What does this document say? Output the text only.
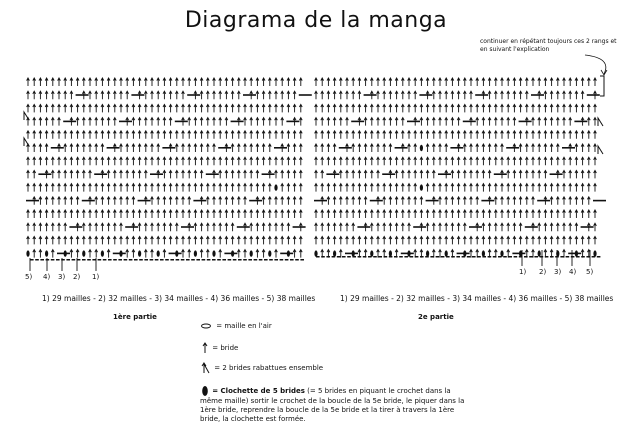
Diagrama de la manga
continuer en répétant toujours ces 2 rangs et en suivant l'explication
5) 4) 3) 2) 1)
1) 2) 3) 4) 5)
1) 29 mailles - 2) 32 mailles - 3) 34 mailles - 4) 36 mailles - 5) 38 mailles	1) 29 mailles - 2) 32 mailles - 3) 34 mailles - 4) 36 mailles - 5) 38 mailles
1ère partie	2e partie
= maille en l'air
= bride
= 2 brides rabattues ensemble
= Clochette de 5 brides (= 5 brides en piquant le crochet dans la même maille) sortir le crochet de la boucle de la 5e bride, le piquer dans la 1ère bride, reprendre la boucle de la 5e bride et la tirer à travers la 1ère bride, la clochette est formée.
